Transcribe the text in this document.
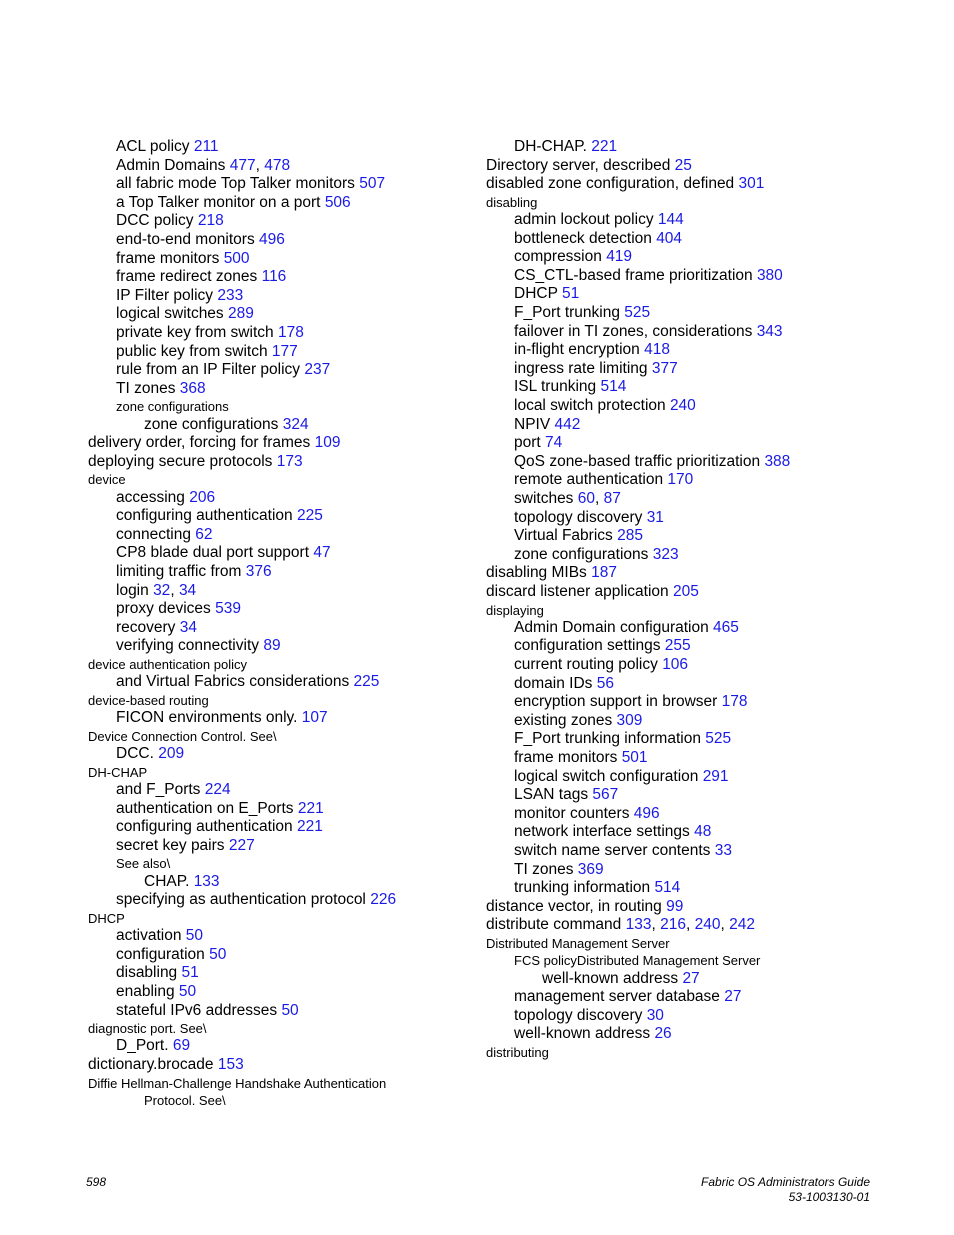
ACL policy 211
Admin Domains 477, 478
all fabric mode Top Talker monitors 507
a Top Talker monitor on a port 506
DCC policy 218
end-to-end monitors 496
frame monitors 500
frame redirect zones 116
IP Filter policy 233
logical switches 289
private key from switch 178
public key from switch 177
rule from an IP Filter policy 237
TI zones 368
zone configurations
zone configurations 324
delivery order, forcing for frames 109
deploying secure protocols 173
device
accessing 206
configuring authentication 225
connecting 62
CP8 blade dual port support 47
limiting traffic from 376
login 32, 34
proxy devices 539
recovery 34
verifying connectivity 89
device authentication policy
and Virtual Fabrics considerations 225
device-based routing
FICON environments only. 107
Device Connection Control. See\
DCC. 209
DH-CHAP
and F_Ports 224
authentication on E_Ports 221
configuring authentication 221
secret key pairs 227
See also\
CHAP. 133
specifying as authentication protocol 226
DHCP
activation 50
configuration 50
disabling 51
enabling 50
stateful IPv6 addresses 50
diagnostic port. See\
D_Port. 69
dictionary.brocade 153
Diffie Hellman-Challenge Handshake Authentication
Protocol. See\
DH-CHAP. 221
Directory server, described 25
disabled zone configuration, defined 301
disabling
admin lockout policy 144
bottleneck detection 404
compression 419
CS_CTL-based frame prioritization 380
DHCP 51
F_Port trunking 525
failover in TI zones, considerations 343
in-flight encryption 418
ingress rate limiting 377
ISL trunking 514
local switch protection 240
NPIV 442
port 74
QoS zone-based traffic prioritization 388
remote authentication 170
switches 60, 87
topology discovery 31
Virtual Fabrics 285
zone configurations 323
disabling MIBs 187
discard listener application 205
displaying
Admin Domain configuration 465
configuration settings 255
current routing policy 106
domain IDs 56
encryption support in browser 178
existing zones 309
F_Port trunking information 525
frame monitors 501
logical switch configuration 291
LSAN tags 567
monitor counters 496
network interface settings 48
switch name server contents 33
TI zones 369
trunking information 514
distance vector, in routing 99
distribute command 133, 216, 240, 242
Distributed Management Server
FCS policyDistributed Management Server
well-known address 27
management server database 27
topology discovery 30
well-known address 26
distributing
598	Fabric OS Administrators Guide
53-1003130-01
